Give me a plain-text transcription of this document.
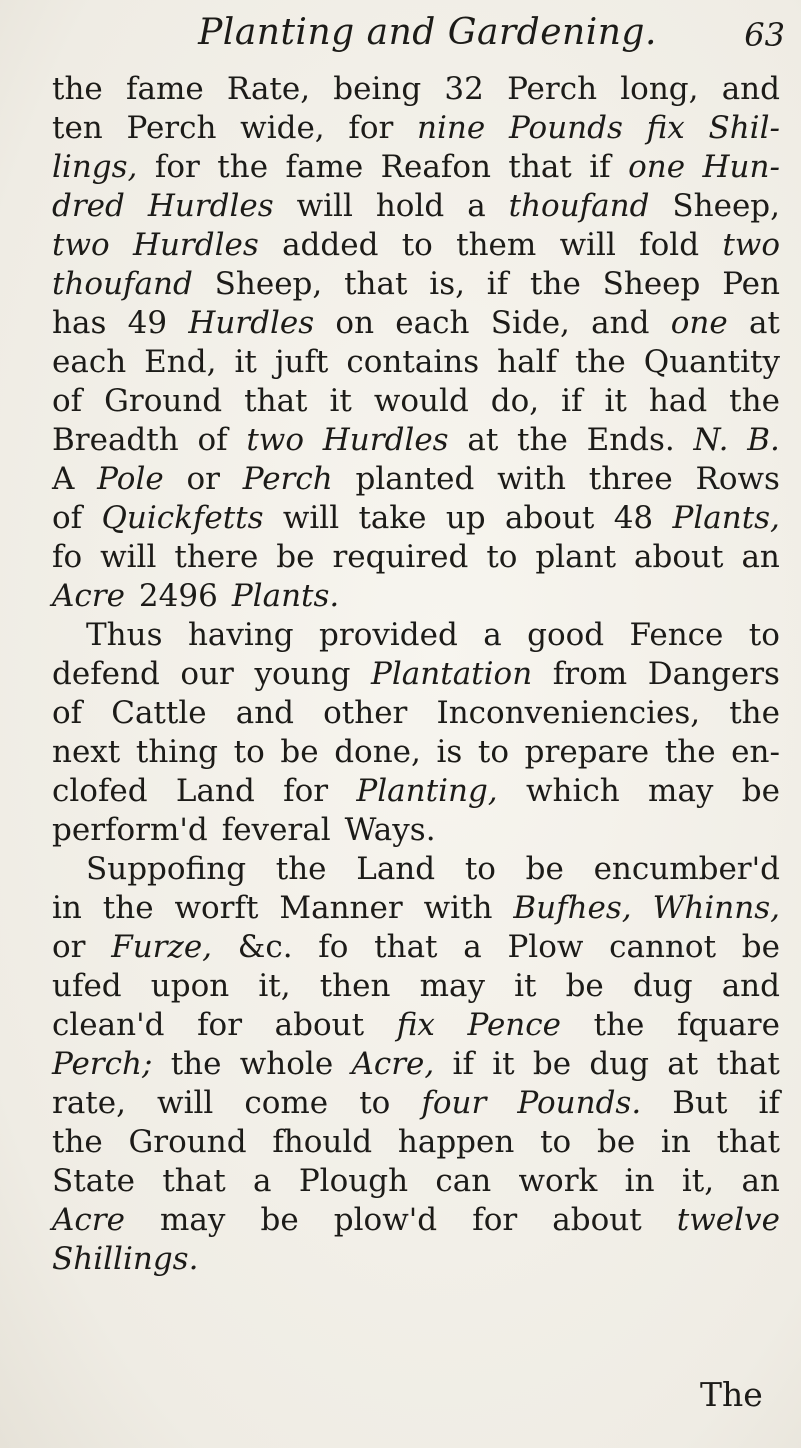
Planting and Gardening.	63
the fame Rate, being 32 Perch long, and
ten Perch wide, for nine Pounds fix Shil-
lings, for the fame Reafon that if one Hun-
dred Hurdles will hold a thoufand Sheep,
two Hurdles added to them will fold two
thoufand Sheep, that is, if the Sheep Pen
has 49 Hurdles on each Side, and one at
each End, it juft contains half the Quantity
of Ground that it would do, if it had the
Breadth of two Hurdles at the Ends. N. B.
A Pole or Perch planted with three Rows
of Quickfetts will take up about 48 Plants,
fo will there be required to plant about an
Acre 2496 Plants.
Thus having provided a good Fence to
defend our young Plantation from Dangers
of Cattle and other Inconveniencies, the
next thing to be done, is to prepare the en-
clofed Land for Planting, which may be
perform'd feveral Ways.
Suppofing the Land to be encumber'd
in the worft Manner with Bufhes, Whinns,
or Furze, &c. fo that a Plow cannot be
ufed upon it, then may it be dug and
clean'd for about fix Pence the fquare
Perch; the whole Acre, if it be dug at that
rate, will come to four Pounds. But if
the Ground fhould happen to be in that
State that a Plough can work in it, an
Acre may be plow'd for about twelve
Shillings.
The
